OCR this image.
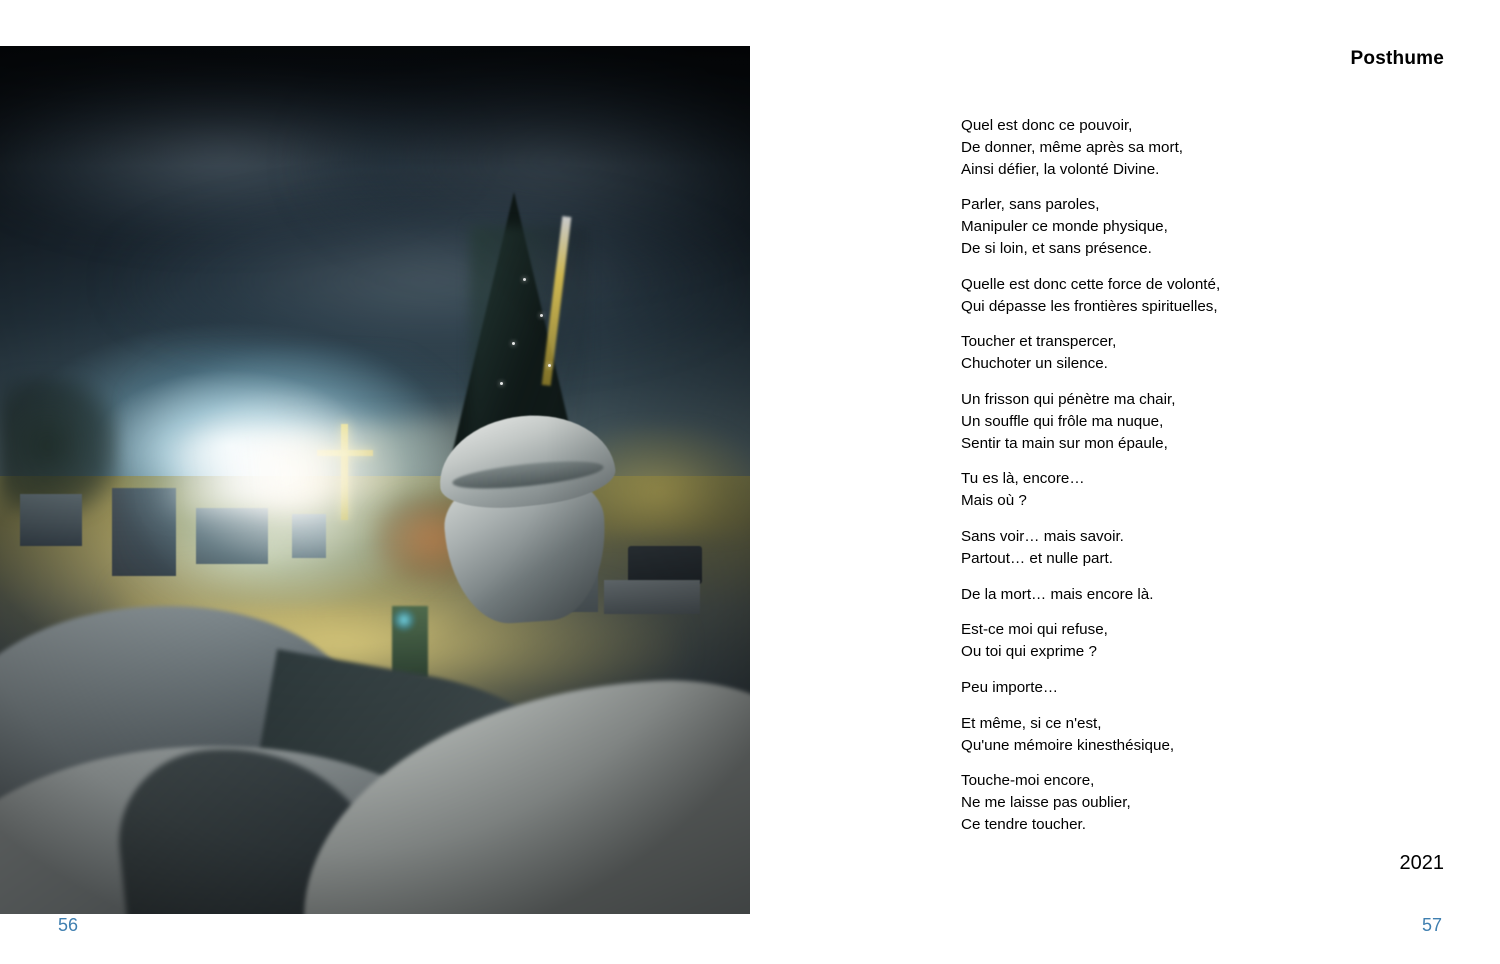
56
Posthume

Quel est donc ce pouvoir,
De donner, même après sa mort,
Ainsi défier, la volonté Divine.

Parler, sans paroles,
Manipuler ce monde physique,
De si loin, et sans présence.

Quelle est donc cette force de volonté,
Qui dépasse les frontières spirituelles,

Toucher et transpercer,
Chuchoter un silence.

Un frisson qui pénètre ma chair,
Un souffle qui frôle ma nuque,
Sentir ta main sur mon épaule,

Tu es là, encore…
Mais où ?

Sans voir… mais savoir.
Partout… et nulle part.

De la mort… mais encore là.

Est-ce moi qui refuse,
Ou toi qui exprime ?

Peu importe…

Et même, si ce n'est,
Qu'une mémoire kinesthésique,

Touche-moi encore,
Ne me laisse pas oublier,
Ce tendre toucher.

2021
57
